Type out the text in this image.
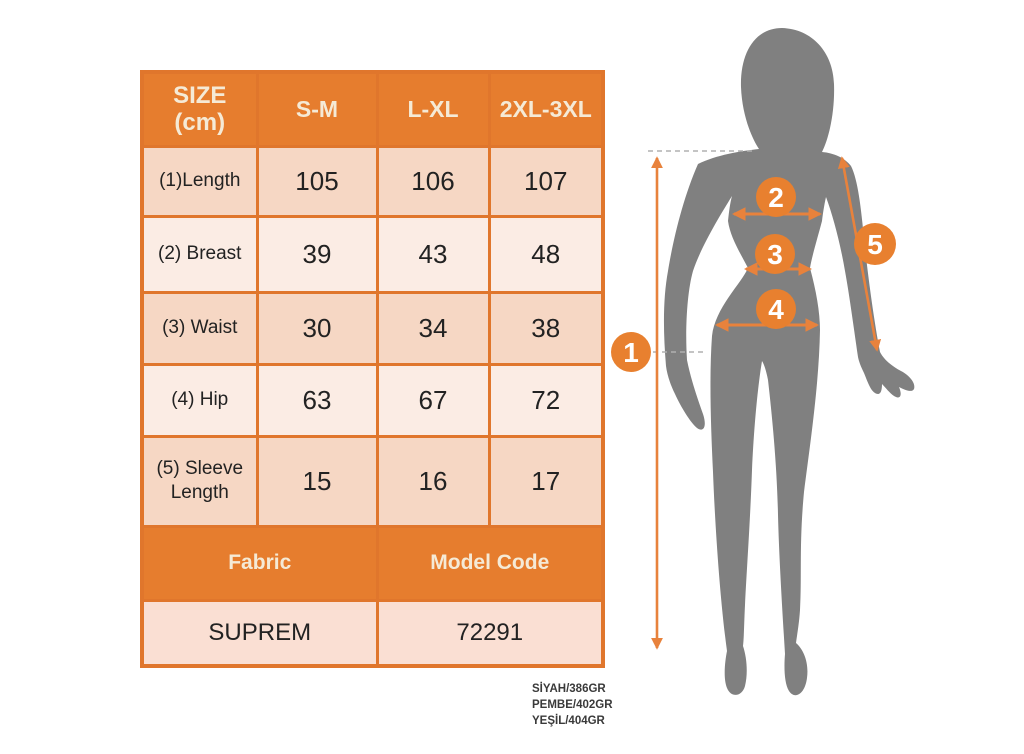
SIZE (cm)	S-M	L-XL	2XL-3XL
(1)Length	105	106	107
(2) Breast	39	43	48
(3) Waist	30	34	38
(4) Hip	63	67	72
(5) Sleeve Length	15	16	17
Fabric		Model Code	
SUPREM		72291	
1
2
3
4
5
SİYAH/386GR
PEMBE/402GR
YEŞİL/404GR
